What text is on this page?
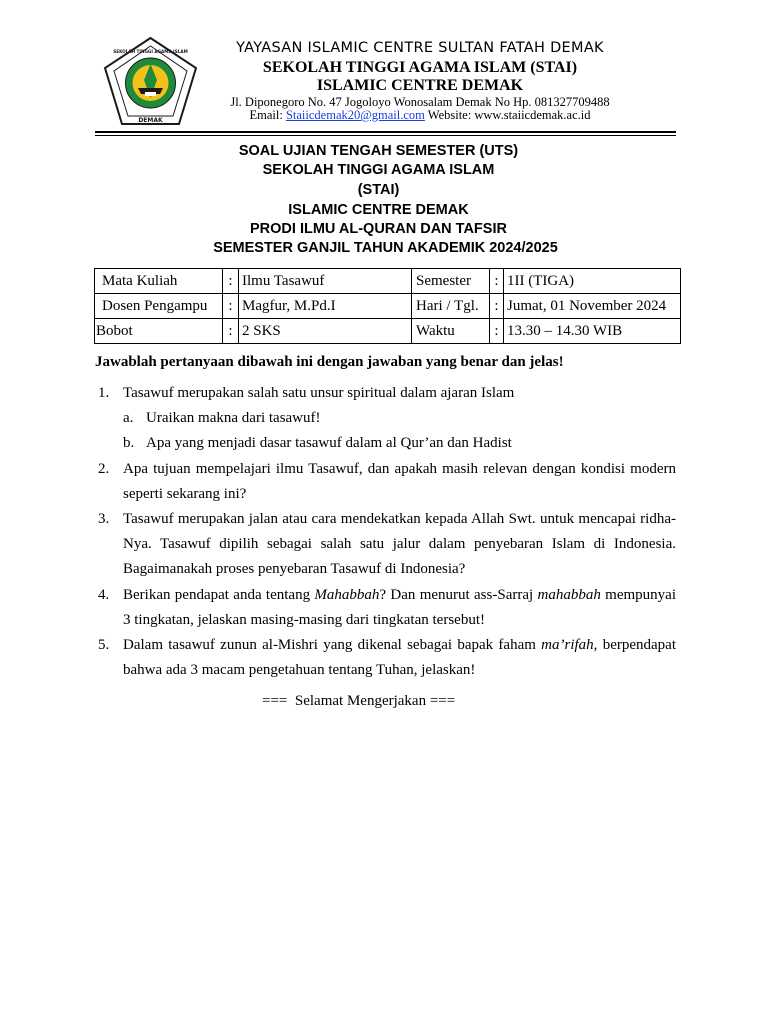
SEKOLAH TINGGI AGAMA ISLAM
DEMAK
YAYASAN ISLAMIC CENTRE SULTAN FATAH DEMAK
SEKOLAH TINGGI AGAMA ISLAM (STAI)
ISLAMIC CENTRE DEMAK
Jl. Diponegoro No. 47 Jogoloyo Wonosalam Demak No Hp. 081327709488
Email: Staiicdemak20@gmail.com Website: www.staiicdemak.ac.id
SOAL UJIAN TENGAH SEMESTER (UTS)
SEKOLAH TINGGI AGAMA ISLAM
(STAI)
ISLAMIC CENTRE DEMAK
PRODI ILMU AL-QURAN DAN TAFSIR
SEMESTER GANJIL TAHUN AKADEMIK 2024/2025
Mata Kuliah	:	Ilmu Tasawuf	Semester	:	1II (TIGA)
Dosen Pengampu	:	Magfur, M.Pd.I	Hari / Tgl.	:	Jumat, 01 November 2024
Bobot	:	2 SKS	Waktu	:	13.30 – 14.30 WIB
Jawablah pertanyaan dibawah ini dengan jawaban yang benar dan jelas!
1. Tasawuf merupakan salah satu unsur spiritual dalam ajaran Islam
a. Uraikan makna dari tasawuf!
b. Apa yang menjadi dasar tasawuf dalam al Qur’an dan Hadist
2. Apa tujuan mempelajari ilmu Tasawuf, dan apakah masih relevan dengan kondisi modern seperti sekarang ini?
3. Tasawuf merupakan jalan atau cara mendekatkan kepada Allah Swt. untuk mencapai ridha-Nya. Tasawuf dipilih sebagai salah satu jalur dalam penyebaran Islam di Indonesia. Bagaimanakah proses penyebaran Tasawuf di Indonesia?
4. Berikan pendapat anda tentang Mahabbah? Dan menurut ass-Sarraj mahabbah mempunyai 3 tingkatan, jelaskan masing-masing dari tingkatan tersebut!
5. Dalam tasawuf zunun al-Mishri yang dikenal sebagai bapak faham ma’rifah, berpendapat bahwa ada 3 macam pengetahuan tentang Tuhan, jelaskan!
===  Selamat Mengerjakan ===
